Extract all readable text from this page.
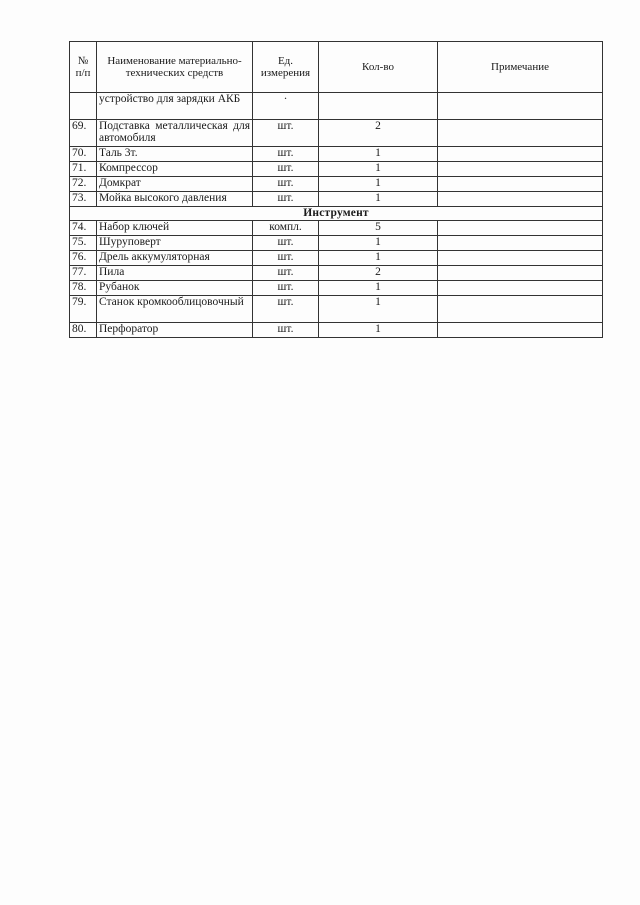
№ п/п	Наименование материально-технических средств	Ед. измерения	Кол-во	Примечание

	устройство для зарядки АКБ	·		
69.	Подставка металлическая для автомобиля	шт.	2	
70.	Таль 3т.	шт.	1	
71.	Компрессор	шт.	1	
72.	Домкрат	шт.	1	
73.	Мойка высокого давления	шт.	1	
Инструмент				
74.	Набор ключей	компл.	5	
75.	Шуруповерт	шт.	1	
76.	Дрель аккумуляторная	шт.	1	
77.	Пила	шт.	2	
78.	Рубанок	шт.	1	
79.	Станок кромкооблицовочный	шт.	1	
80.	Перфоратор	шт.	1	
